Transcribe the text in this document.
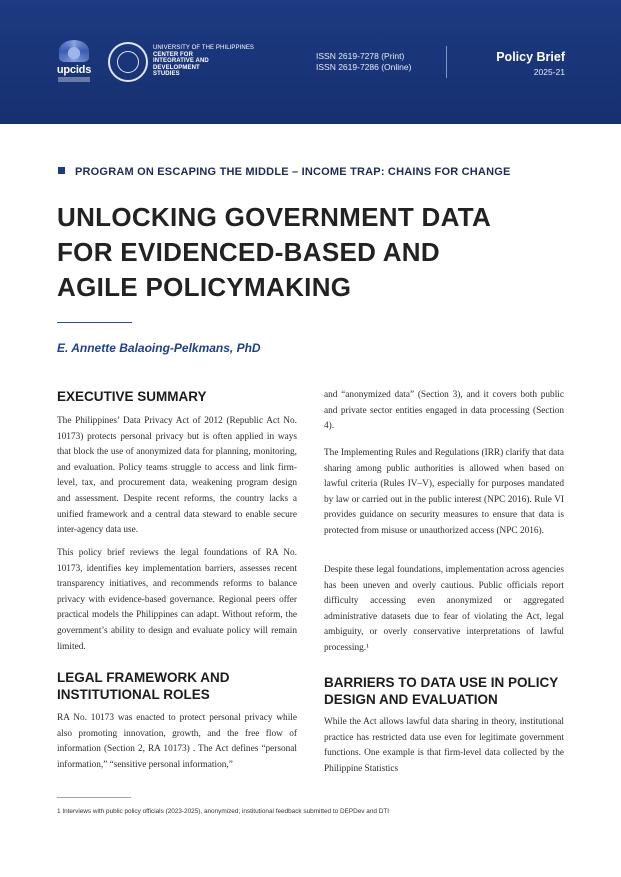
upcids
UNIVERSITY OF THE PHILIPPINES
CENTER FOR
INTEGRATIVE AND
DEVELOPMENT
STUDIES
ISSN 2619-7278 (Print)
ISSN 2619-7286 (Online)
Policy Brief
2025-21
PROGRAM ON ESCAPING THE MIDDLE – INCOME TRAP: CHAINS FOR CHANGE
UNLOCKING GOVERNMENT DATA
FOR EVIDENCED-BASED AND
AGILE POLICYMAKING
E. Annette Balaoing-Pelkmans, PhD
EXECUTIVE SUMMARY

The Philippines’ Data Privacy Act of 2012 (Republic Act No. 10173) protects personal privacy but is often applied in ways that block the use of anonymized data for planning, monitoring, and evaluation. Policy teams struggle to access and link firm-level, tax, and procurement data, weakening program design and assessment. Despite recent reforms, the country lacks a unified framework and a central data steward to enable secure inter-agency data use.

This policy brief reviews the legal foundations of RA No. 10173, identifies key implementation barriers, assesses recent transparency initiatives, and recommends reforms to balance privacy with evidence-based governance. Regional peers offer practical models the Philippines can adapt. Without reform, the government’s ability to design and evaluate policy will remain limited.

LEGAL FRAMEWORK AND
INSTITUTIONAL ROLES

RA No. 10173 was enacted to protect personal privacy while also promoting innovation, growth, and the free flow of information (Section 2, RA 10173) . The Act defines “personal information,” “sensitive personal information,”

and “anonymized data” (Section 3), and it covers both public and private sector entities engaged in data processing (Section 4).

The Implementing Rules and Regulations (IRR) clarify that data sharing among public authorities is allowed when based on lawful criteria (Rules IV–V), especially for purposes mandated by law or carried out in the public interest (NPC 2016). Rule VI provides guidance on security measures to ensure that data is protected from misuse or unauthorized access (NPC 2016).

Despite these legal foundations, implementation across agencies has been uneven and overly cautious. Public officials report difficulty accessing even anonymized or aggregated administrative datasets due to fear of violating the Act, legal ambiguity, or overly conservative interpretations of lawful processing.¹

BARRIERS TO DATA USE IN POLICY
DESIGN AND EVALUATION

While the Act allows lawful data sharing in theory, institutional practice has restricted data use even for legitimate government functions. One example is that firm-level data collected by the Philippine Statistics

1 Interviews with public policy officials (2023-2025), anonymized; institutional feedback submitted to DEPDev and DTI
